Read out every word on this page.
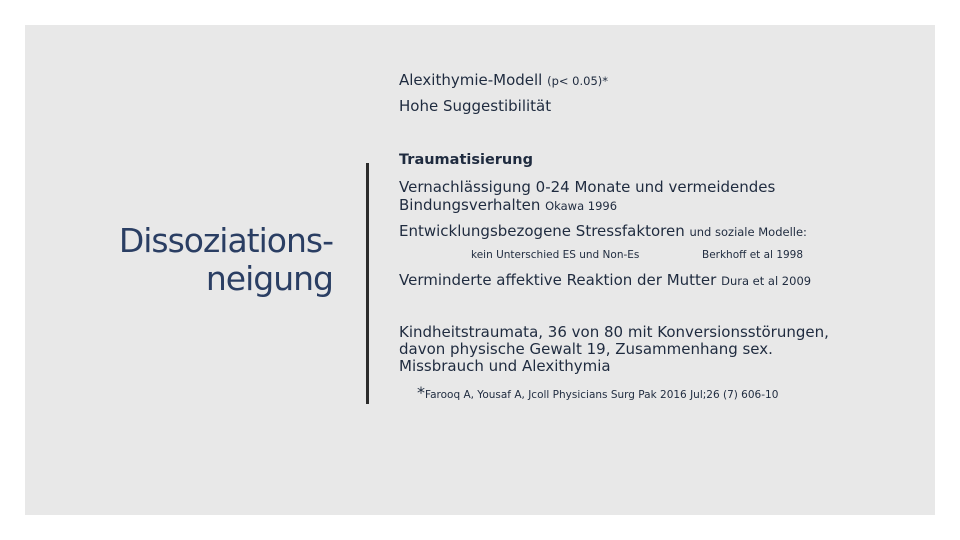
Dissoziations-
neigung
Alexithymie-Modell (p< 0.05)*
Hohe Suggestibilität
Traumatisierung
Vernachlässigung 0-24 Monate und vermeidendes
Bindungsverhalten Okawa 1996
Entwicklungsbezogene Stressfaktoren und soziale Modelle:
kein Unterschied ES und Non-Es	Berkhoff et al 1998
Verminderte affektive Reaktion der Mutter Dura et al 2009
Kindheitstraumata, 36 von 80 mit Konversionsstörungen,
davon physische Gewalt 19, Zusammenhang sex.
Missbrauch und Alexithymia
*Farooq A, Yousaf A, Jcoll Physicians Surg Pak 2016 Jul;26 (7) 606-10
